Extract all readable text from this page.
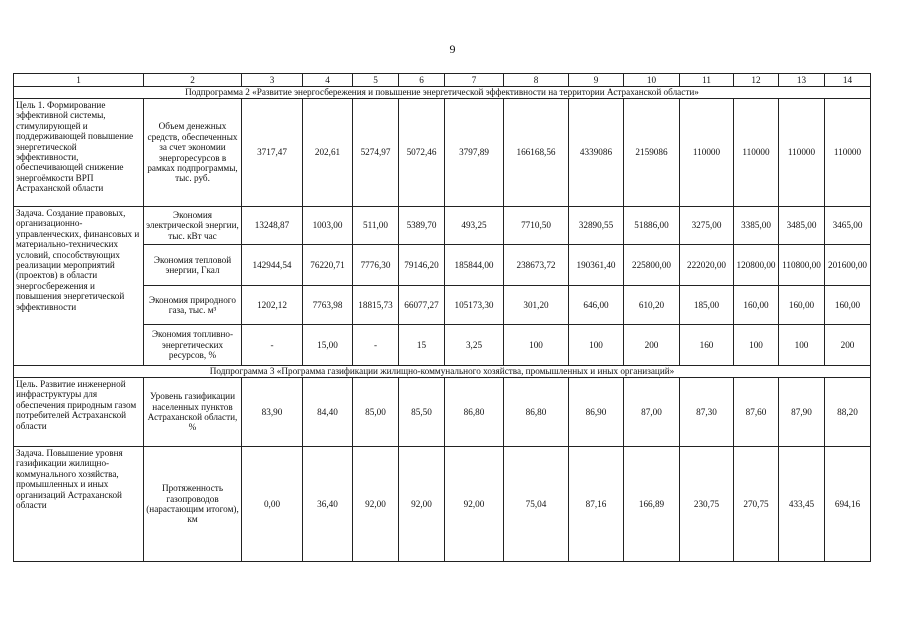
9
1	2	3	4	5	6	7	8	9	10	11	12	13	14
Подпрограмма 2 «Развитие энергосбережения и повышение энергетической эффективности на территории Астраханской области»													
Цель 1. Формирование эффективной системы, стимулирующей и поддерживающей повышение энергетической эффективности, обеспечивающей снижение энергоёмкости ВРП Астраханской области	Объем денежных средств, обеспеченных за счет экономии энергоресурсов в рамках подпрограммы, тыс. руб.	3717,47	202,61	5274,97	5072,46	3797,89	166168,56	4339086	2159086	110000	110000	110000	110000
Задача. Создание правовых, организационно-управленческих, финансовых и материально-технических условий, способствующих реализации мероприятий (проектов) в области энергосбережения и повышения энергетической эффективности	Экономия электрической энергии, тыс. кВт час	13248,87	1003,00	511,00	5389,70	493,25	7710,50	32890,55	51886,00	3275,00	3385,00	3485,00	3465,00
	Экономия тепловой энергии, Гкал	142944,54	76220,71	7776,30	79146,20	185844,00	238673,72	190361,40	225800,00	222020,00	120800,00	110800,00	201600,00
	Экономия природного газа, тыс. м³	1202,12	7763,98	18815,73	66077,27	105173,30	301,20	646,00	610,20	185,00	160,00	160,00	160,00
	Экономия топливно-энергетических ресурсов, %	-	15,00	-	15	3,25	100	100	200	160	100	100	200
Подпрограмма 3 «Программа газификации жилищно-коммунального хозяйства, промышленных и иных организаций»													
Цель. Развитие инженерной инфраструктуры для обеспечения природным газом потребителей Астраханской области	Уровень газификации населенных пунктов Астраханской области, %	83,90	84,40	85,00	85,50	86,80	86,80	86,90	87,00	87,30	87,60	87,90	88,20
Задача. Повышение уровня газификации жилищно-коммунального хозяйства, промышленных и иных организаций Астраханской области	Протяженность газопроводов (нарастающим итогом), км	0,00	36,40	92,00	92,00	92,00	75,04	87,16	166,89	230,75	270,75	433,45	694,16
